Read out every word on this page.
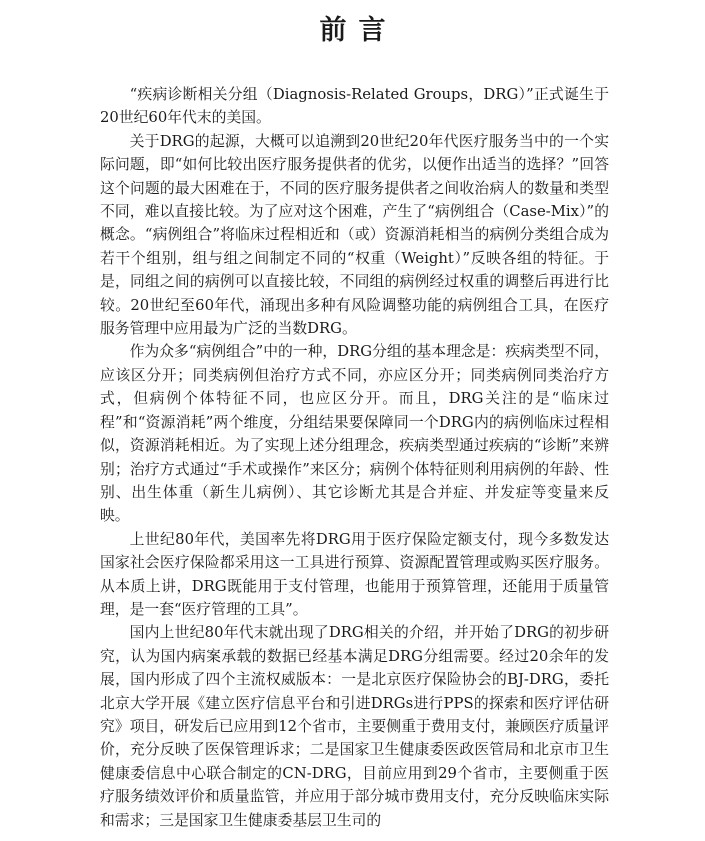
前言

“疾病诊断相关分组（Diagnosis-Related Groups，DRG）”正式诞生于20世纪60年代末的美国。

关于DRG的起源，大概可以追溯到20世纪20年代医疗服务当中的一个实际问题，即“如何比较出医疗服务提供者的优劣，以便作出适当的选择？”回答这个问题的最大困难在于，不同的医疗服务提供者之间收治病人的数量和类型不同，难以直接比较。为了应对这个困难，产生了“病例组合（Case-Mix）”的概念。“病例组合”将临床过程相近和（或）资源消耗相当的病例分类组合成为若干个组别，组与组之间制定不同的“权重（Weight）”反映各组的特征。于是，同组之间的病例可以直接比较，不同组的病例经过权重的调整后再进行比较。20世纪至60年代，涌现出多种有风险调整功能的病例组合工具，在医疗服务管理中应用最为广泛的当数DRG。

作为众多“病例组合”中的一种，DRG分组的基本理念是：疾病类型不同，应该区分开；同类病例但治疗方式不同，亦应区分开；同类病例同类治疗方式，但病例个体特征不同，也应区分开。而且，DRG关注的是“临床过程”和“资源消耗”两个维度，分组结果要保障同一个DRG内的病例临床过程相似，资源消耗相近。为了实现上述分组理念，疾病类型通过疾病的“诊断”来辨别；治疗方式通过“手术或操作”来区分；病例个体特征则利用病例的年龄、性别、出生体重（新生儿病例）、其它诊断尤其是合并症、并发症等变量来反映。

上世纪80年代，美国率先将DRG用于医疗保险定额支付，现今多数发达国家社会医疗保险都采用这一工具进行预算、资源配置管理或购买医疗服务。从本质上讲，DRG既能用于支付管理，也能用于预算管理，还能用于质量管理，是一套“医疗管理的工具”。

国内上世纪80年代末就出现了DRG相关的介绍，并开始了DRG的初步研究，认为国内病案承载的数据已经基本满足DRG分组需要。经过20余年的发展，国内形成了四个主流权威版本：一是北京医疗保险协会的BJ-DRG，委托北京大学开展《建立医疗信息平台和引进DRGs进行PPS的探索和医疗评估研究》项目，研发后已应用到12个省市，主要侧重于费用支付，兼顾医疗质量评价，充分反映了医保管理诉求；二是国家卫生健康委医政医管局和北京市卫生健康委信息中心联合制定的CN-DRG，目前应用到29个省市，主要侧重于医疗服务绩效评价和质量监管，并应用于部分城市费用支付，充分反映临床实际和需求；三是国家卫生健康委基层卫生司的
